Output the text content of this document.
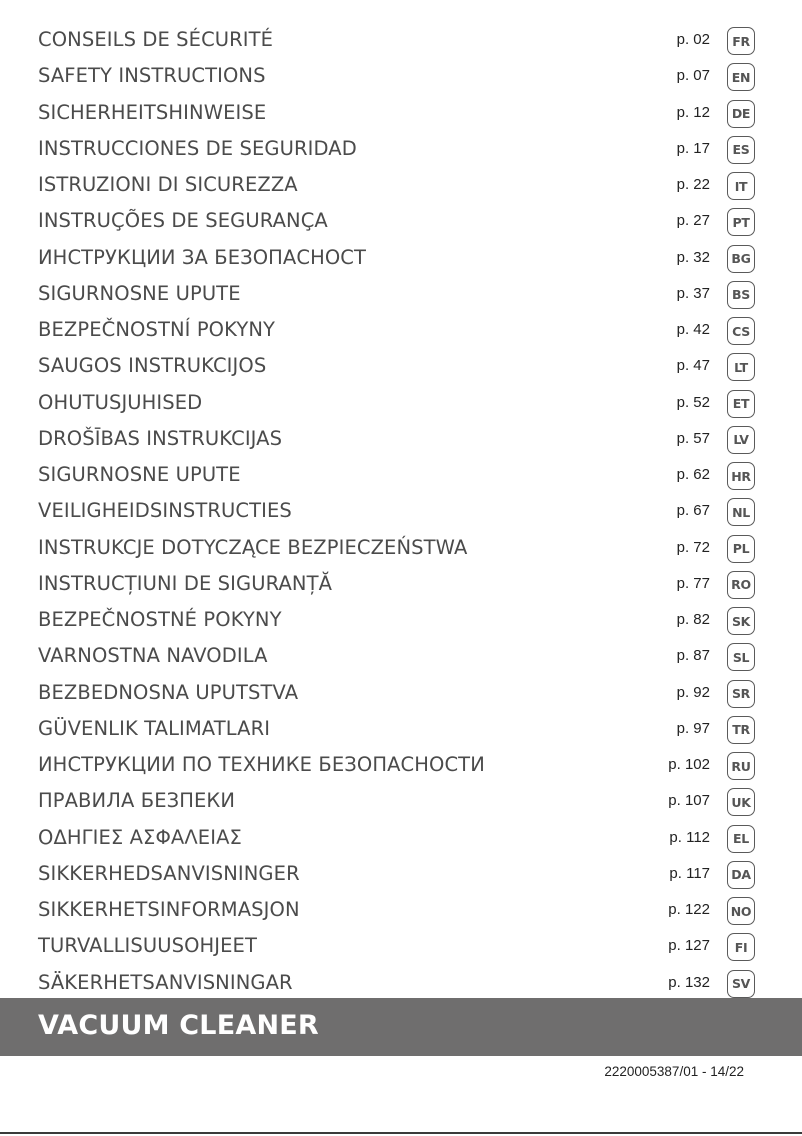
CONSEILS DE SÉCURITÉ	p. 02	FR
SAFETY INSTRUCTIONS	p. 07	EN
SICHERHEITSHINWEISE	p. 12	DE
INSTRUCCIONES DE SEGURIDAD	p. 17	ES
ISTRUZIONI DI SICUREZZA	p. 22	IT
INSTRUÇÕES DE SEGURANÇA	p. 27	PT
ИНСТРУКЦИИ ЗА БЕЗОПАСНОСТ	p. 32	BG
SIGURNOSNE UPUTE	p. 37	BS
BEZPEČNOSTNÍ POKYNY	p. 42	CS
SAUGOS INSTRUKCIJOS	p. 47	LT
OHUTUSJUHISED	p. 52	ET
DROŠĪBAS INSTRUKCIJAS	p. 57	LV
SIGURNOSNE UPUTE	p. 62	HR
VEILIGHEIDSINSTRUCTIES	p. 67	NL
INSTRUKCJE DOTYCZĄCE BEZPIECZEŃSTWA	p. 72	PL
INSTRUCȚIUNI DE SIGURANȚĂ	p. 77	RO
BEZPEČNOSTNÉ POKYNY	p. 82	SK
VARNOSTNA NAVODILA	p. 87	SL
BEZBEDNOSNA UPUTSTVA	p. 92	SR
GÜVENLIK TALIMATLARI	p. 97	TR
ИНСТРУКЦИИ ПО ТЕХНИКЕ БЕЗОПАСНОСТИ	p. 102	RU
ПРАВИЛА БЕЗПЕКИ	p. 107	UK
ΟΔΗΓΙΕΣ ΑΣΦΑΛΕΙΑΣ	p. 112	EL
SIKKERHEDSANVISNINGER	p. 117	DA
SIKKERHETSINFORMASJON	p. 122	NO
TURVALLISUUSOHJEET	p. 127	FI
SÄKERHETSANVISNINGAR	p. 132	SV
VACUUM CLEANER
2220005387/01 - 14/22
